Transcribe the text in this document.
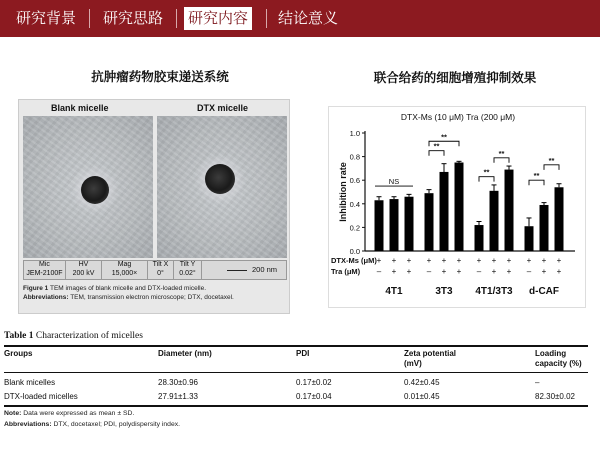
研究背景 研究思路 研究内容 结论意义
抗肿瘤药物胶束递送系统	联合给药的细胞增殖抑制效果
Blank micelle	DTX micelle
Mic
JEM-2100F
HV
200 kV
Mag
15,000×
Tilt X
0°
Tilt Y
0.02°	200 nm
Figure 1 TEM images of blank micelle and DTX-loaded micelle.
Abbreviations: TEM, transmission electron microscope; DTX, docetaxel.
DTX-Ms (10 μM) Tra (200 μM)
0.0
0.2
0.4
0.6
0.8
1.0
Inhibition rate	NS
**
**
**
**
**
**
DTX-Ms (μM) + + + + + + + + + + + +
Tra (μM) – + + – + + – + + – + +
4T1	3T3 4T1/3T3 d-CAF
Table 1 Characterization of micelles
Groups	Diameter (nm)	PDI	Zeta potential
(mV)
Loading
capacity (%)
Blank micelles	28.30±0.96	0.17±0.02	0.42±0.45	–
DTX-loaded micelles	27.91±1.33	0.17±0.04	0.01±0.45	82.30±0.02
Note: Data were expressed as mean ± SD.
Abbreviations: DTX, docetaxel; PDI, polydispersity index.
